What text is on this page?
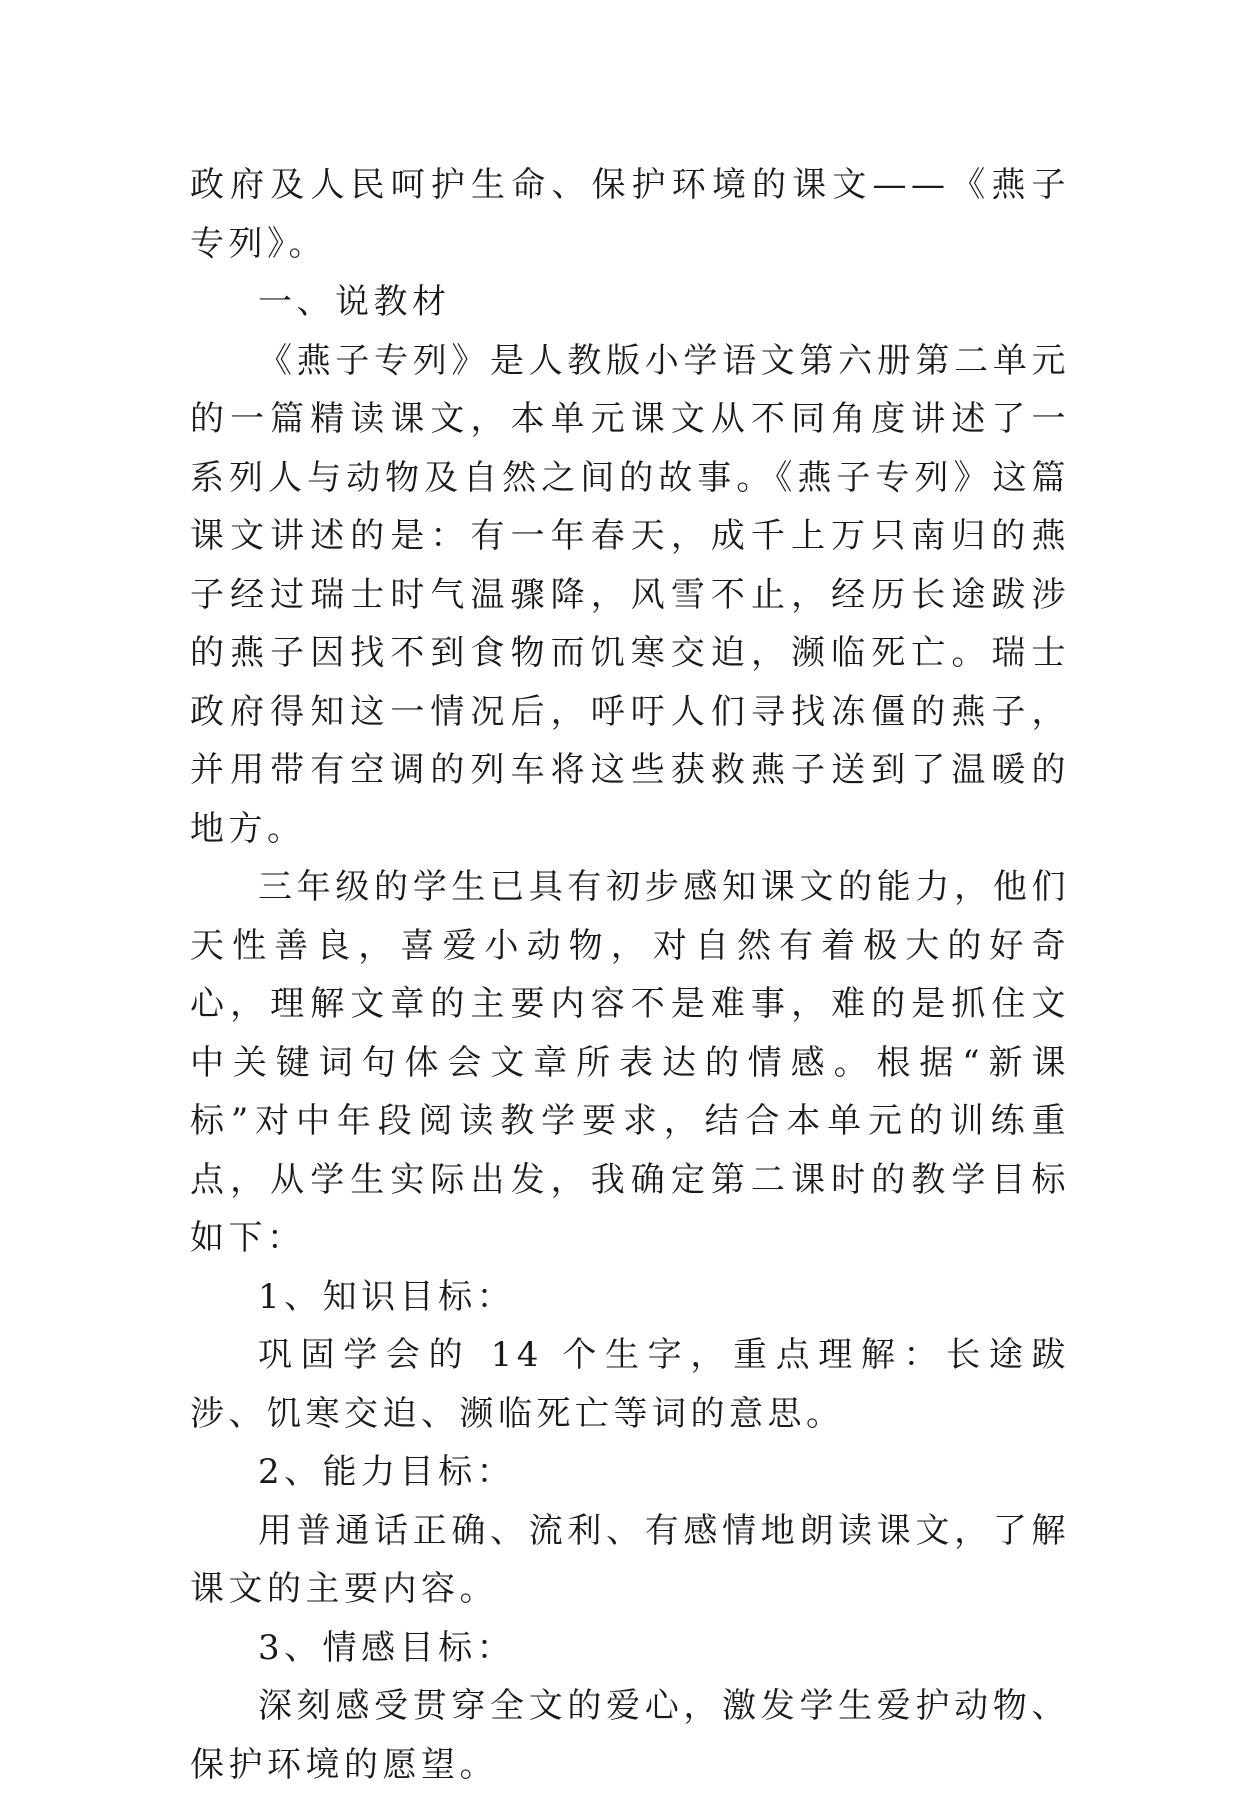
政府及人民呵护生命、保护环境的课文——《燕子专列》。

一、说教材

《燕子专列》是人教版小学语文第六册第二单元的一篇精读课文，本单元课文从不同角度讲述了一系列人与动物及自然之间的故事。《燕子专列》这篇课文讲述的是：有一年春天，成千上万只南归的燕子经过瑞士时气温骤降，风雪不止，经历长途跋涉的燕子因找不到食物而饥寒交迫，濒临死亡。瑞士政府得知这一情况后，呼吁人们寻找冻僵的燕子，并用带有空调的列车将这些获救燕子送到了温暖的地方。

三年级的学生已具有初步感知课文的能力，他们天性善良，喜爱小动物，对自然有着极大的好奇心，理解文章的主要内容不是难事，难的是抓住文中关键词句体会文章所表达的情感。根据“新课标”对中年段阅读教学要求，结合本单元的训练重点，从学生实际出发，我确定第二课时的教学目标如下：

1、知识目标：

巩固学会的 14 个生字，重点理解：长途跋涉、饥寒交迫、濒临死亡等词的意思。

2、能力目标：

用普通话正确、流利、有感情地朗读课文，了解课文的主要内容。

3、情感目标：

深刻感受贯穿全文的爱心，激发学生爱护动物、保护环境的愿望。
